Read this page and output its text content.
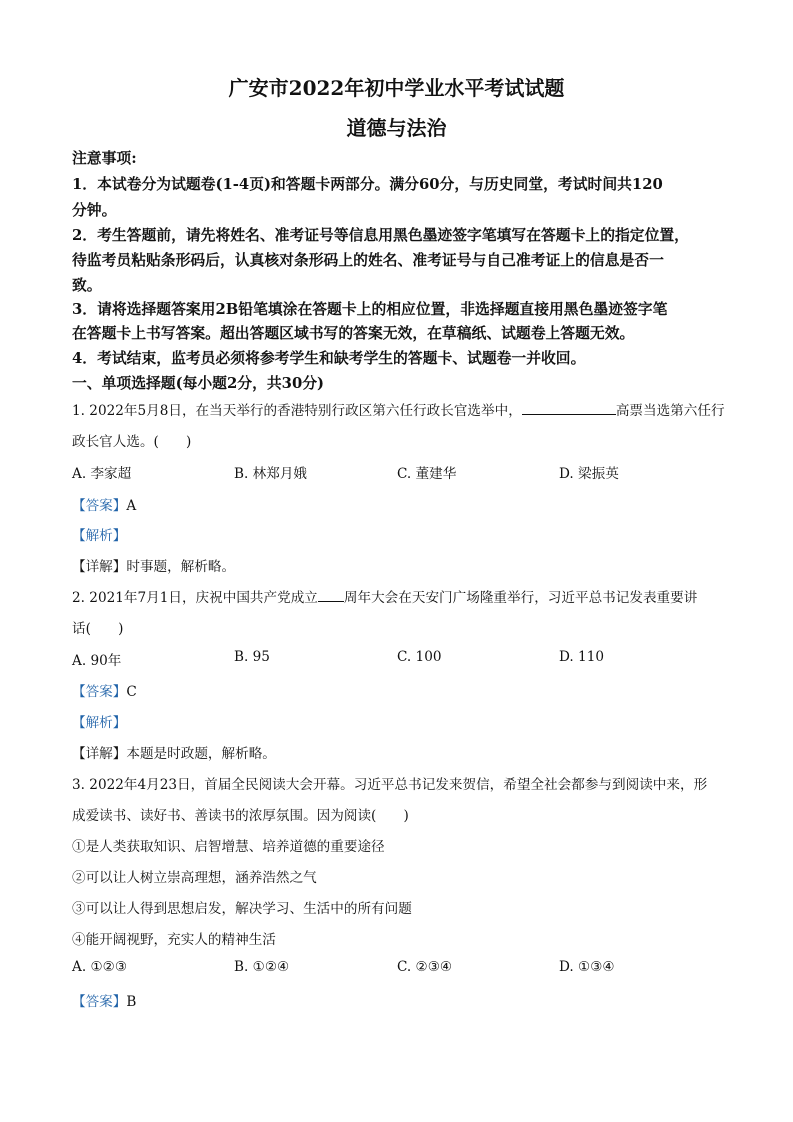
广安市2022年初中学业水平考试试题
道德与法治
注意事项:
1．本试卷分为试题卷(1-4页)和答题卡两部分。满分60分，与历史同堂，考试时间共120
分钟。
2．考生答题前，请先将姓名、准考证号等信息用黑色墨迹签字笔填写在答题卡上的指定位置，
待监考员粘贴条形码后，认真核对条形码上的姓名、准考证号与自己准考证上的信息是否一
致。
3．请将选择题答案用2B铅笔填涂在答题卡上的相应位置，非选择题直接用黑色墨迹签字笔
在答题卡上书写答案。超出答题区域书写的答案无效，在草稿纸、试题卷上答题无效。
4．考试结束，监考员必须将参考学生和缺考学生的答题卡、试题卷一并收回。
一、单项选择题(每小题2分，共30分)
1. 2022年5月8日，在当天举行的香港特别行政区第六任行政长官选举中，	高票当选第六任行
政长官人选。(　　)
A. 李家超	B. 林郑月娥	C. 董建华	D. 梁振英
【答案】A
【解析】
【详解】时事题，解析略。
2. 2021年7月1日，庆祝中国共产党成立 周年大会在天安门广场隆重举行，习近平总书记发表重要讲
话(　　)
A. 90年	B. 95	C. 100	D. 110
【答案】C
【解析】
【详解】本题是时政题，解析略。
3. 2022年4月23日，首届全民阅读大会开幕。习近平总书记发来贺信，希望全社会都参与到阅读中来，形
成爱读书、读好书、善读书的浓厚氛围。因为阅读(　　)
①是人类获取知识、启智增慧、培养道德的重要途径
②可以让人树立崇高理想，涵养浩然之气
③可以让人得到思想启发，解决学习、生活中的所有问题
④能开阔视野，充实人的精神生活
A. ①②③	B. ①②④	C. ②③④	D. ①③④
【答案】B
